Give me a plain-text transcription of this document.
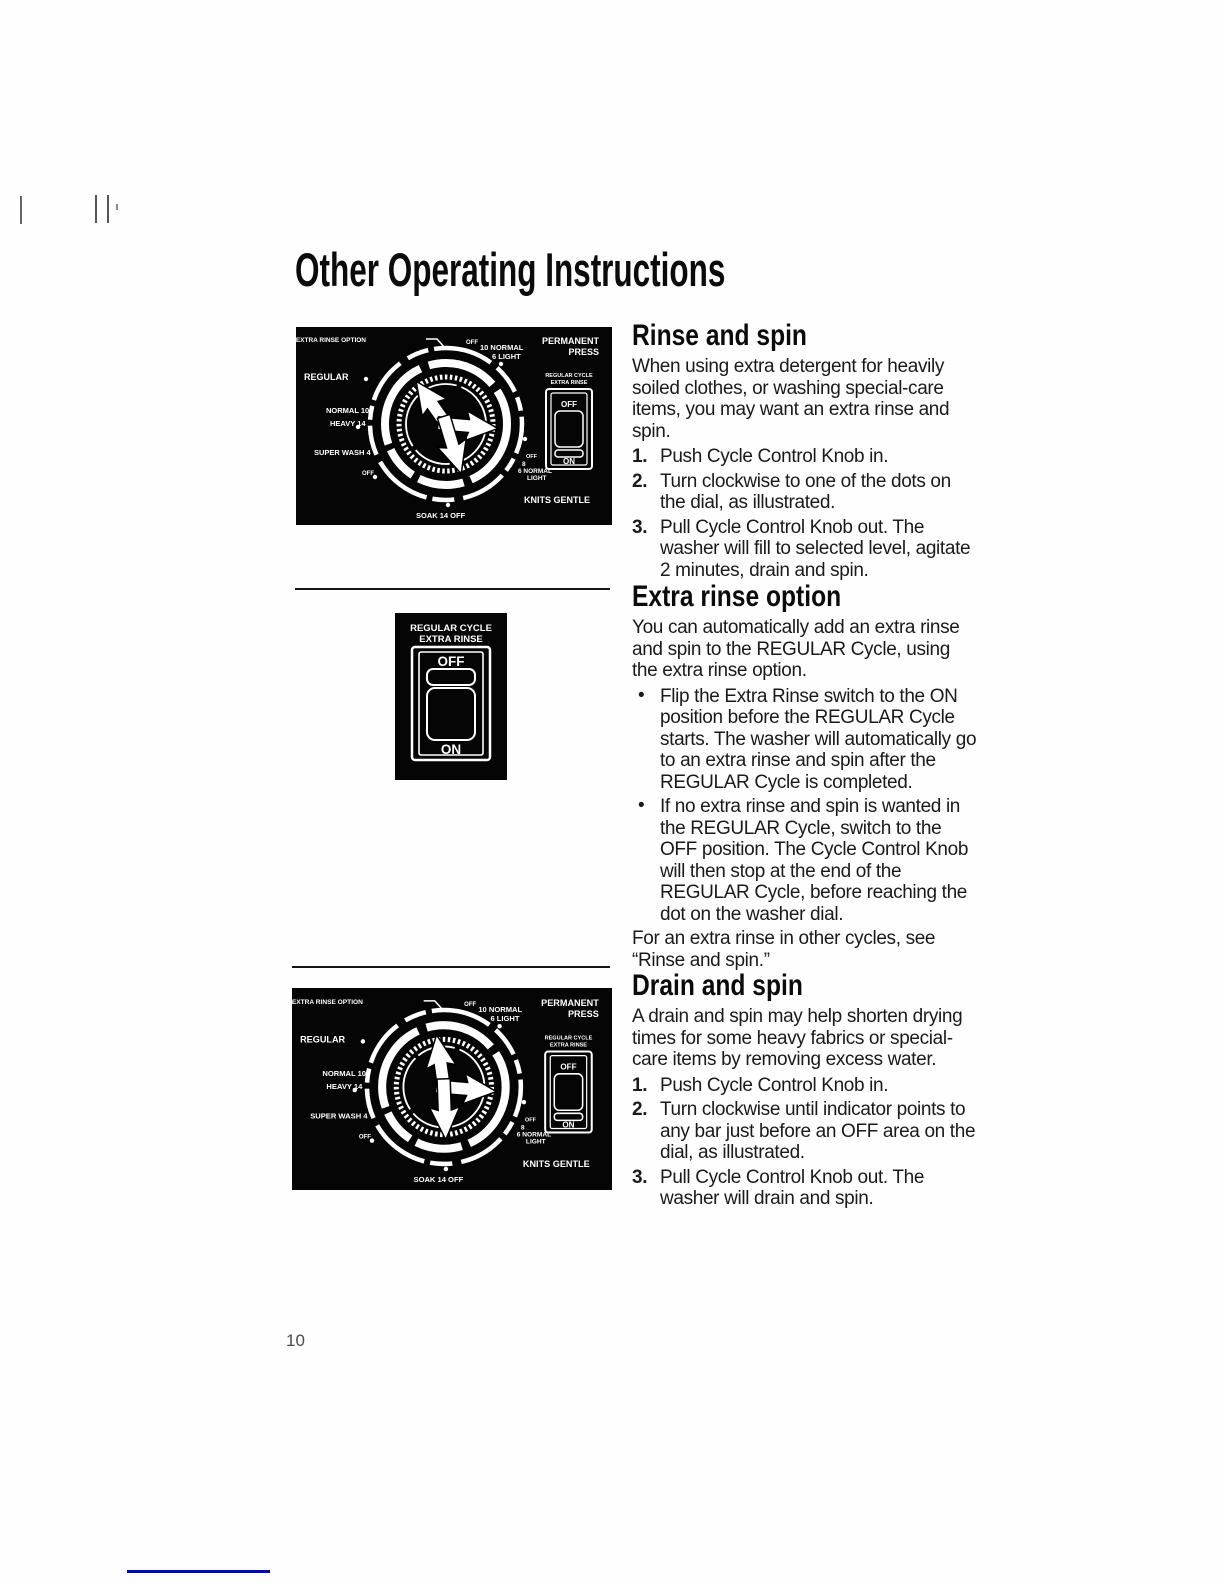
Other Operating Instructions
EXTRA RINSE OPTION	OFF 10 NORMAL
6 LIGHT
PERMANENT
PRESS
REGULAR
NORMAL 10
HEAVY 14
SUPER WASH 4
OFF
SOAK 14 OFF
OFF
8
6 NORMAL
LIGHT
KNITS GENTLE
REGULAR CYCLE
EXTRA RINSE
OFF
ON
REGULAR CYCLE
EXTRA RINSE
OFF
ON
EXTRA RINSE OPTION	OFF
10 NORMAL
6 LIGHT
PERMANENT
PRESS
REGULAR
NORMAL 10
HEAVY 14
SUPER WASH 4
OFF
SOAK 14 OFF
OFF
8
6 NORMAL
LIGHT
KNITS GENTLE
REGULAR CYCLE
EXTRA RINSE
OFF
ON
Rinse and spin

When using extra detergent for heavily soiled clothes, or washing special-care items, you may want an extra rinse and spin.

1. Push Cycle Control Knob in.
2. Turn clockwise to one of the dots on the dial, as illustrated.
3. Pull Cycle Control Knob out. The washer will fill to selected level, agitate 2 minutes, drain and spin.
Extra rinse option

You can automatically add an extra rinse and spin to the REGULAR Cycle, using the extra rinse option.

• Flip the Extra Rinse switch to the ON position before the REGULAR Cycle starts. The washer will automatically go to an extra rinse and spin after the REGULAR Cycle is completed.
• If no extra rinse and spin is wanted in the REGULAR Cycle, switch to the OFF position. The Cycle Control Knob will then stop at the end of the REGULAR Cycle, before reaching the dot on the washer dial.

For an extra rinse in other cycles, see “Rinse and spin.”

Drain and spin

A drain and spin may help shorten drying times for some heavy fabrics or special-care items by removing excess water.

1. Push Cycle Control Knob in.
2. Turn clockwise until indicator points to any bar just before an OFF area on the dial, as illustrated.
3. Pull Cycle Control Knob out. The washer will drain and spin.
10
